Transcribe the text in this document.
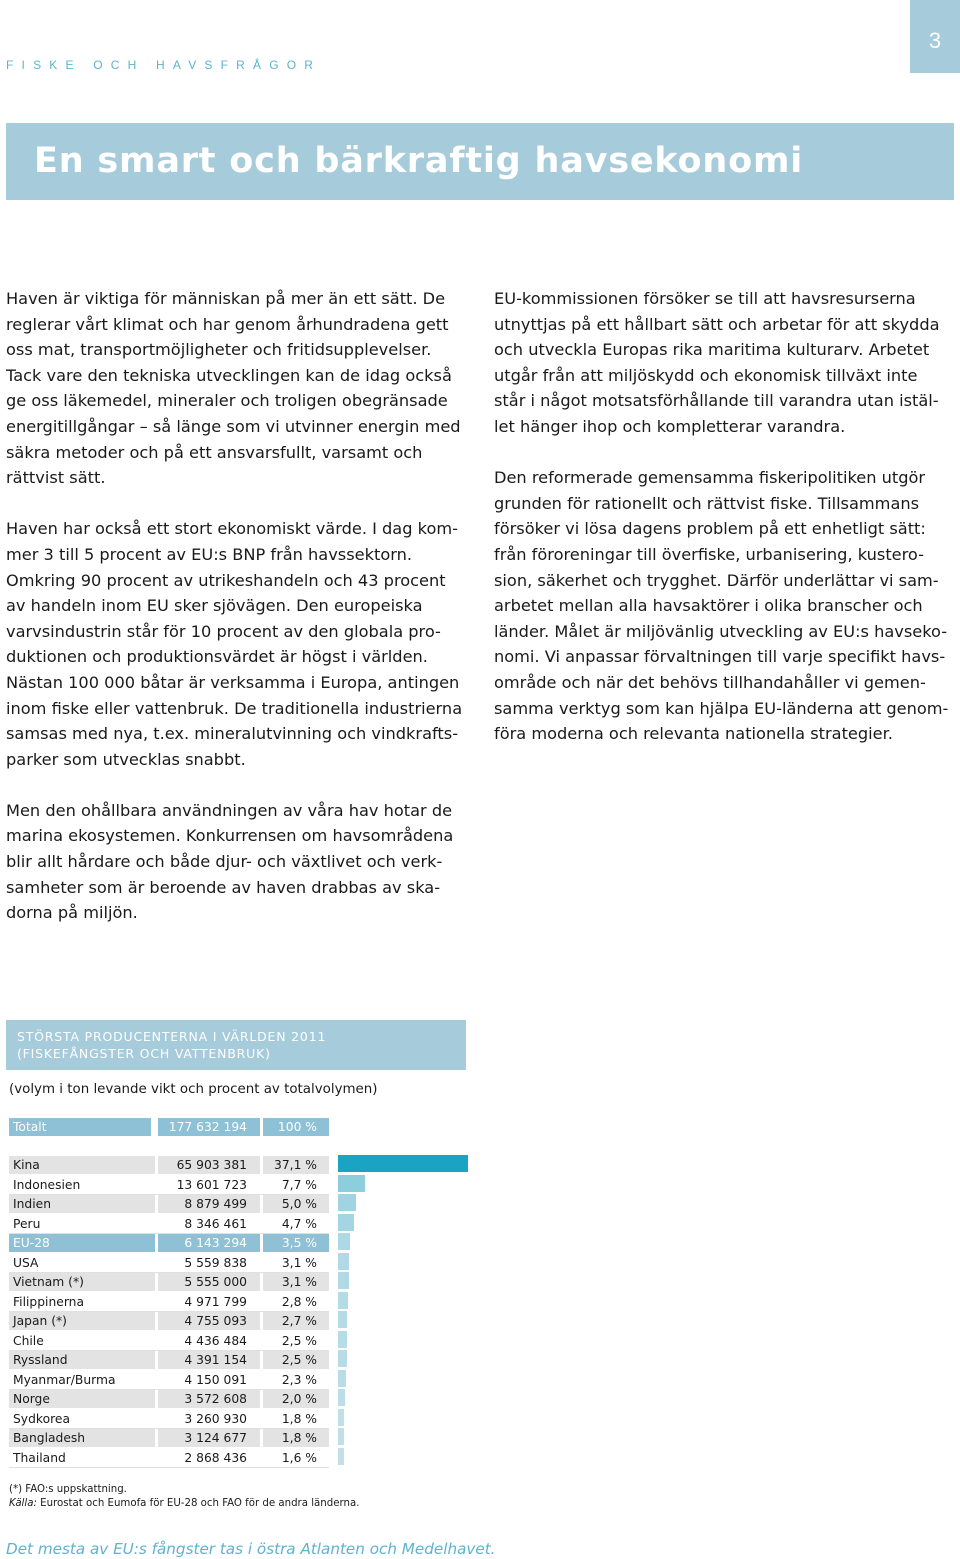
FISKE OCH HAVSFRÅGOR
3
En smart och bärkraftig havsekonomi

Haven är viktiga för människan på mer än ett sätt. De
reglerar vårt klimat och har genom århundradena gett
oss mat, transportmöjligheter och fritidsupplevelser.
Tack vare den tekniska utvecklingen kan de idag också
ge oss läkemedel, mineraler och troligen obegränsade
energitillgångar – så länge som vi utvinner energin med
säkra metoder och på ett ansvarsfullt, varsamt och
rättvist sätt.

Haven har också ett stort ekonomiskt värde. I dag kom-
mer 3 till 5 procent av EU:s BNP från havssektorn.
Omkring 90 procent av utrikeshandeln och 43 procent
av handeln inom EU sker sjövägen. Den europeiska
varvsindustrin står för 10 procent av den globala pro-
duktionen och produktionsvärdet är högst i världen.
Nästan 100 000 båtar är verksamma i Europa, antingen
inom fiske eller vattenbruk. De traditionella industrierna
samsas med nya, t.ex. mineralutvinning och vindkrafts-
parker som utvecklas snabbt.

Men den ohållbara användningen av våra hav hotar de
marina ekosystemen. Konkurrensen om havsområdena
blir allt hårdare och både djur- och växtlivet och verk-
samheter som är beroende av haven drabbas av ska-
dorna på miljön.

EU-kommissionen försöker se till att havsresurserna
utnyttjas på ett hållbart sätt och arbetar för att skydda
och utveckla Europas rika maritima kulturarv. Arbetet
utgår från att miljöskydd och ekonomisk tillväxt inte
står i något motsatsförhållande till varandra utan istäl-
let hänger ihop och kompletterar varandra.

Den reformerade gemensamma fiskeripolitiken utgör
grunden för rationellt och rättvist fiske. Tillsammans
försöker vi lösa dagens problem på ett enhetligt sätt:
från föroreningar till överfiske, urbanisering, kustero-
sion, säkerhet och trygghet. Därför underlättar vi sam-
arbetet mellan alla havsaktörer i olika branscher och
länder. Målet är miljövänlig utveckling av EU:s havseko-
nomi. Vi anpassar förvaltningen till varje specifikt havs-
område och när det behövs tillhandahåller vi gemen-
samma verktyg som kan hjälpa EU-länderna att genom-
föra moderna och relevanta nationella strategier.

STÖRSTA PRODUCENTERNA I VÄRLDEN 2011
(FISKEFÅNGSTER OCH VATTENBRUK)
(volym i ton levande vikt och procent av totalvolymen)
Totalt	177 632 194	100 %
Kina	65 903 381	37,1 %
Indonesien	13 601 723	7,7 %
Indien	8 879 499	5,0 %
Peru	8 346 461	4,7 %
EU-28	6 143 294	3,5 %
USA	5 559 838	3,1 %
Vietnam (*)	5 555 000	3,1 %
Filippinerna	4 971 799	2,8 %
Japan (*)	4 755 093	2,7 %
Chile	4 436 484	2,5 %
Ryssland	4 391 154	2,5 %
Myanmar/Burma	4 150 091	2,3 %
Norge	3 572 608	2,0 %
Sydkorea	3 260 930	1,8 %
Bangladesh	3 124 677	1,8 %
Thailand	2 868 436	1,6 %
(*) FAO:s uppskattning.
Källa: Eurostat och Eumofa för EU-28 och FAO för de andra länderna.
Det mesta av EU:s fångster tas i östra Atlanten och Medelhavet.
